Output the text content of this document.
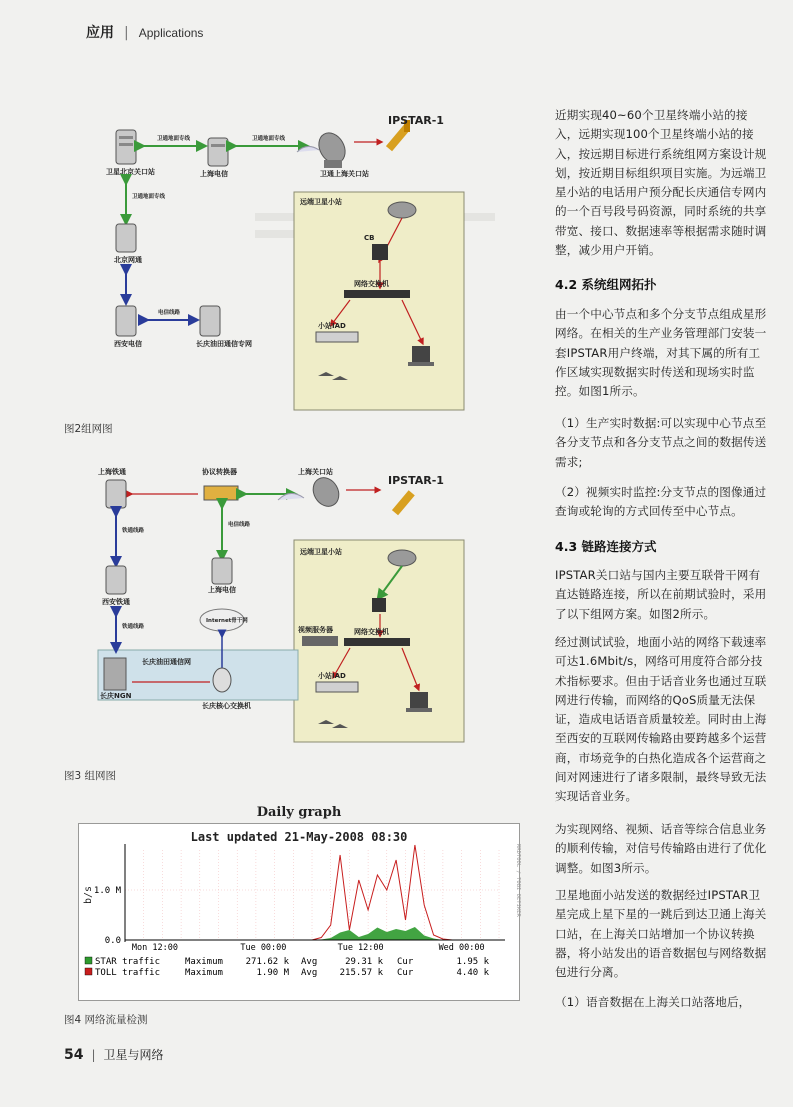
应用 | Applications
远端卫星小站
卫星北京关口站	上海电信	卫通上海关口站
IPSTAR-1
卫通地面专线	卫通地面专线
卫通地面专线
北京网通
西安电信
电信线路
长庆油田通信专网
CB
网络交换机
小站IAD
图2组网图
远端卫星小站
长庆油田通信网
上海铁通	协议转换器	上海关口站
IPSTAR-1
电信线路
上海电信
Internet骨干网
长庆核心交换机
铁通线路
西安铁通
铁通线路
长庆NGN
视频服务器	网络交换机
小站IAD
图3 组网图
Daily graph
Last updated 21-May-2008 08:30
b/s	RRDTOOL / TOBI OETIKER
1.0 M
0.0
Mon 12:00	Tue 00:00	Tue 12:00	Wed 00:00
STAR traffic	Maximum	271.62 k Avg	29.31 k Cur	1.95 k
TOLL traffic	Maximum	1.90 M Avg 215.57 k Cur	4.40 k
图4 网络流量检测

近期实现40~60个卫星终端小站的接入，远期实现100个卫星终端小站的接入，按远期目标进行系统组网方案设计规划，按近期目标组织项目实施。为远端卫星小站的电话用户预分配长庆通信专网内的一个百号段号码资源，同时系统的共享带宽、接口、数据速率等根据需求随时调整，减少用户开销。

4.2 系统组网拓扑

由一个中心节点和多个分支节点组成星形网络。在相关的生产业务管理部门安装一套IPSTAR用户终端，对其下属的所有工作区域实现数据实时传送和现场实时监控。如图1所示。

（1）生产实时数据:可以实现中心节点至各分支节点和各分支节点之间的数据传送需求;

（2）视频实时监控:分支节点的图像通过查询或轮询的方式回传至中心节点。

4.3 链路连接方式

IPSTAR关口站与国内主要互联骨干网有直达链路连接，所以在前期试验时，采用了以下组网方案。如图2所示。

经过测试试验，地面小站的网络下载速率可达1.6Mbit/s，网络可用度符合部分技术指标要求。但由于话音业务也通过互联网进行传输，而网络的QoS质量无法保证，造成电话语音质量较差。同时由上海至西安的互联网传输路由要跨越多个运营商，市场竞争的白热化造成各个运营商之间对网速进行了诸多限制，最终导致无法实现话音业务。

为实现网络、视频、话音等综合信息业务的顺利传输，对信号传输路由进行了优化调整。如图3所示。

卫星地面小站发送的数据经过IPSTAR卫星完成上星下星的一跳后到达卫通上海关口站，在上海关口站增加一个协议转换器，将小站发出的语音数据包与网络数据包进行分离。

（1）语音数据在上海关口站落地后，

54 | 卫星与网络
